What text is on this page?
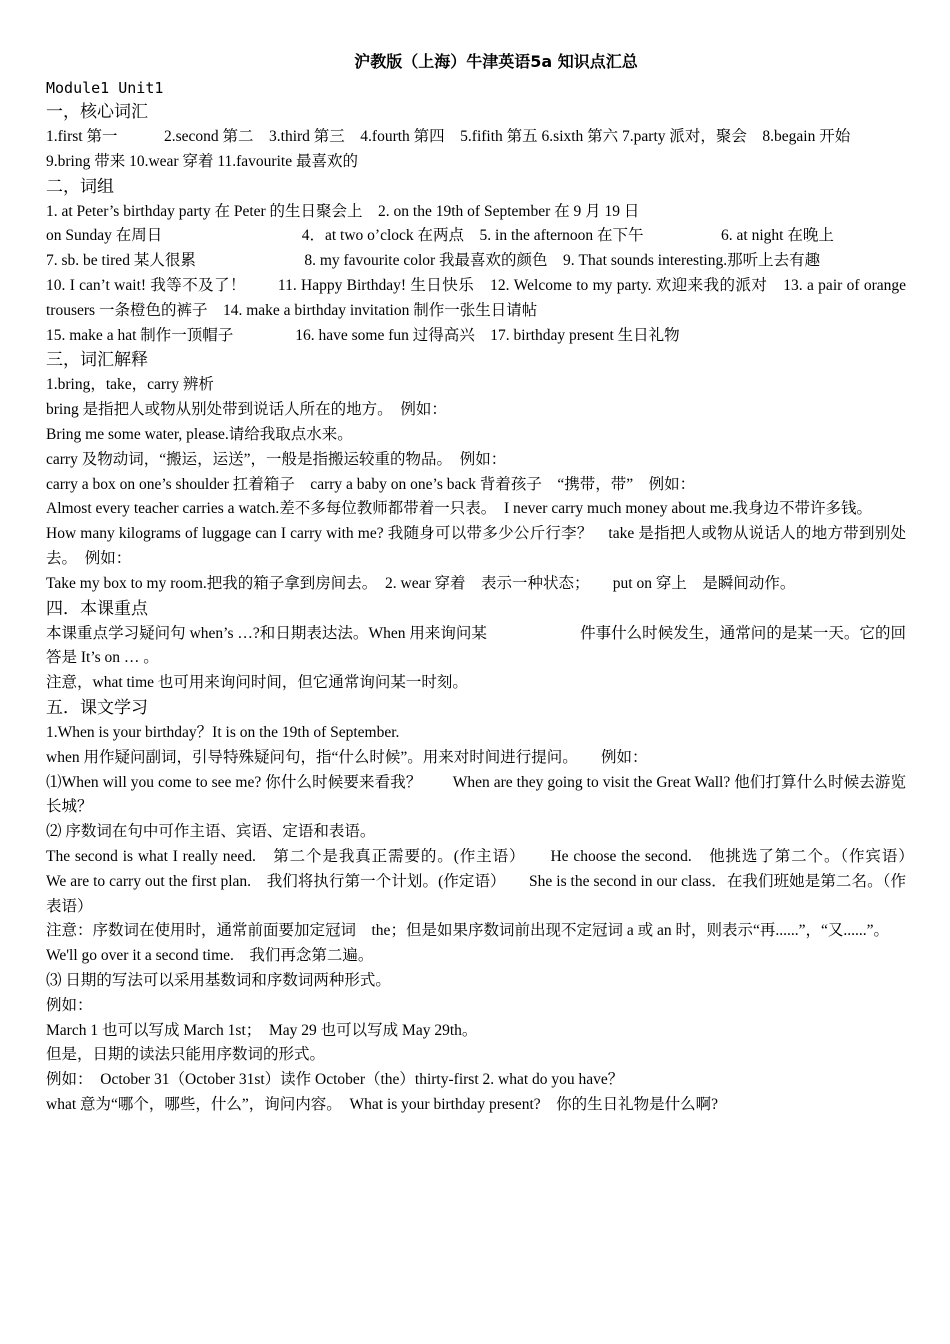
沪教版（上海）牛津英语5a 知识点汇总
Module1 Unit1
一，核心词汇
1.first 第一　　　2.second 第二　3.third 第三　4.fourth 第四　5.fifith 第五 6.sixth 第六 7.party 派对，聚会　8.begain 开始
9.bring 带来 10.wear 穿着 11.favourite 最喜欢的
二，词组
1. at Peter’s birthday party 在 Peter 的生日聚会上　2. on the 19th of September 在 9 月 19 日
on Sunday 在周日　　　　　　　　　4．at two o’clock 在两点　5. in the afternoon 在下午　　　　　6. at night 在晚上
7. sb. be tired 某人很累　　　　　　　8. my favourite color 我最喜欢的颜色　9. That sounds interesting.那听上去有趣
10. I can’t wait! 我等不及了！　　11. Happy Birthday! 生日快乐　12. Welcome to my party. 欢迎来我的派对　13. a pair of orange trousers 一条橙色的裤子　14. make a birthday invitation 制作一张生日请帖
15. make a hat 制作一顶帽子　　　　16. have some fun 过得高兴　17. birthday present 生日礼物
三，词汇解释
1.bring，take，carry 辨析
bring 是指把人或物从别处带到说话人所在的地方。　例如：
Bring me some water, please.请给我取点水来。
carry 及物动词，“搬运，运送”，一般是指搬运较重的物品。　例如：
carry a box on one’s shoulder 扛着箱子　carry a baby on one’s back 背着孩子　“携带，带”　例如：
Almost every teacher carries a watch.差不多每位教师都带着一只表。　I never carry much money about me.我身边不带许多钱。
How many kilograms of luggage can I carry with me? 我随身可以带多少公斤行李？　take 是指把人或物从说话人的地方带到别处去。　例如：
Take my box to my room.把我的箱子拿到房间去。　2. wear 穿着　表示一种状态；　　put on 穿上　是瞬间动作。
四．本课重点
本课重点学习疑问句 when’s …?和日期表达法。When 用来询问某　　　　　　件事什么时候发生，通常问的是某一天。它的回答是 It’s on … 。
注意，what time 也可用来询问时间，但它通常询问某一时刻。
五．课文学习
1.When is your birthday？It is on the 19th of September.
when 用作疑问副词，引导特殊疑问句，指“什么时候”。用来对时间进行提问。　　例如：
⑴When will you come to see me? 你什么时候要来看我？　　When are they going to visit the Great Wall? 他们打算什么时候去游览长城？
⑵ 序数词在句中可作主语、宾语、定语和表语。
The second is what I really need.　第二个是我真正需要的。(作主语）　　He choose the second.　他挑选了第二个。（作宾语）　　We are to carry out the first plan.　我们将执行第一个计划。(作定语）　　She is the second in our class．在我们班她是第二名。（作表语）
注意：序数词在使用时，通常前面要加定冠词　the；但是如果序数词前出现不定冠词 a 或 an 时，则表示“再......”，“又......”。
We'll go over it a second time.　我们再念第二遍。
⑶ 日期的写法可以采用基数词和序数词两种形式。
例如：
March 1 也可以写成 March 1st；　May 29 也可以写成 May 29th。
但是，日期的读法只能用序数词的形式。
例如：　October 31（October 31st）读作 October（the）thirty-first 2. what do you have？
what 意为“哪个，哪些，什么”，询问内容。　What is your birthday present?　你的生日礼物是什么啊?
